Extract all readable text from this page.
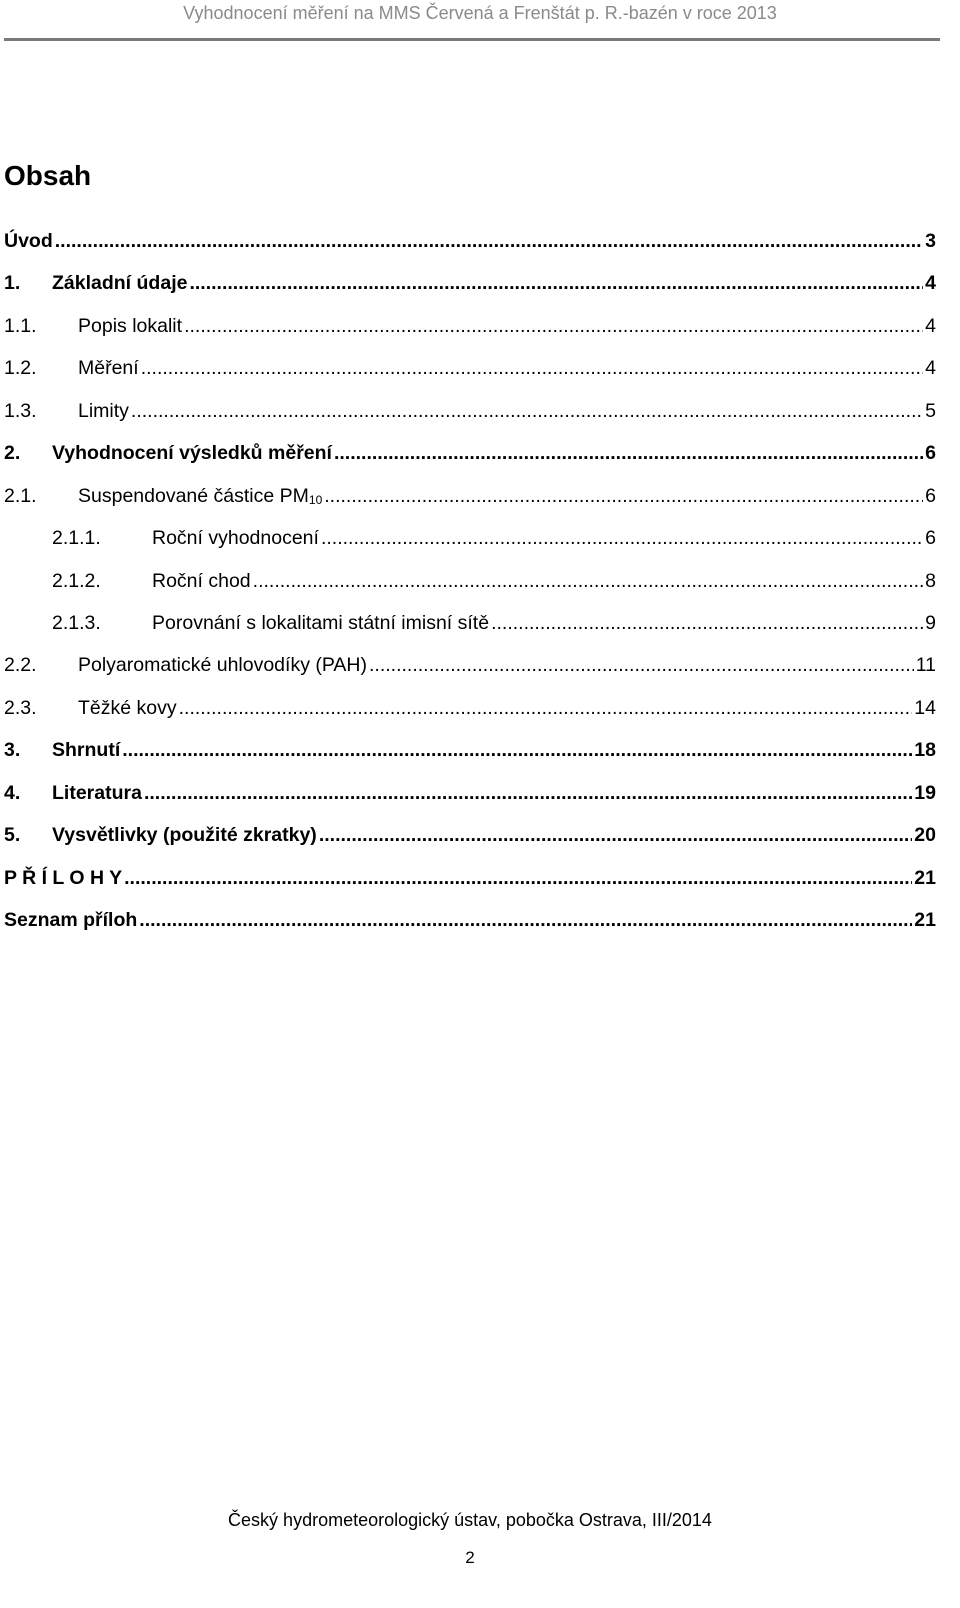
Vyhodnocení měření na MMS Červená a Frenštát p. R.-bazén v roce 2013
Obsah
Úvod .....	3
1.	Základní údaje .....	4
1.1.	Popis lokalit .....	4
1.2.	Měření .....	4
1.3.	Limity .....	5
2.	Vyhodnocení výsledků měření .....	6
2.1.	Suspendované částice $PM_{10}$ .....	6
2.1.1.	Roční vyhodnocení .....	6
2.1.2.	Roční chod .....	8
2.1.3.	Porovnání s lokalitami státní imisní sítě .....	9
2.2.	Polyaromatické uhlovodíky (PAH) .....	11
2.3.	Těžké kovy .....	14
3.	Shrnutí .....	18
4.	Literatura .....	19
5.	Vysvětlivky (použité zkratky) .....	20
P Ř Í L O H Y .....	21
Seznam příloh .....	21
Český hydrometeorologický ústav, pobočka Ostrava, III/2014
2
